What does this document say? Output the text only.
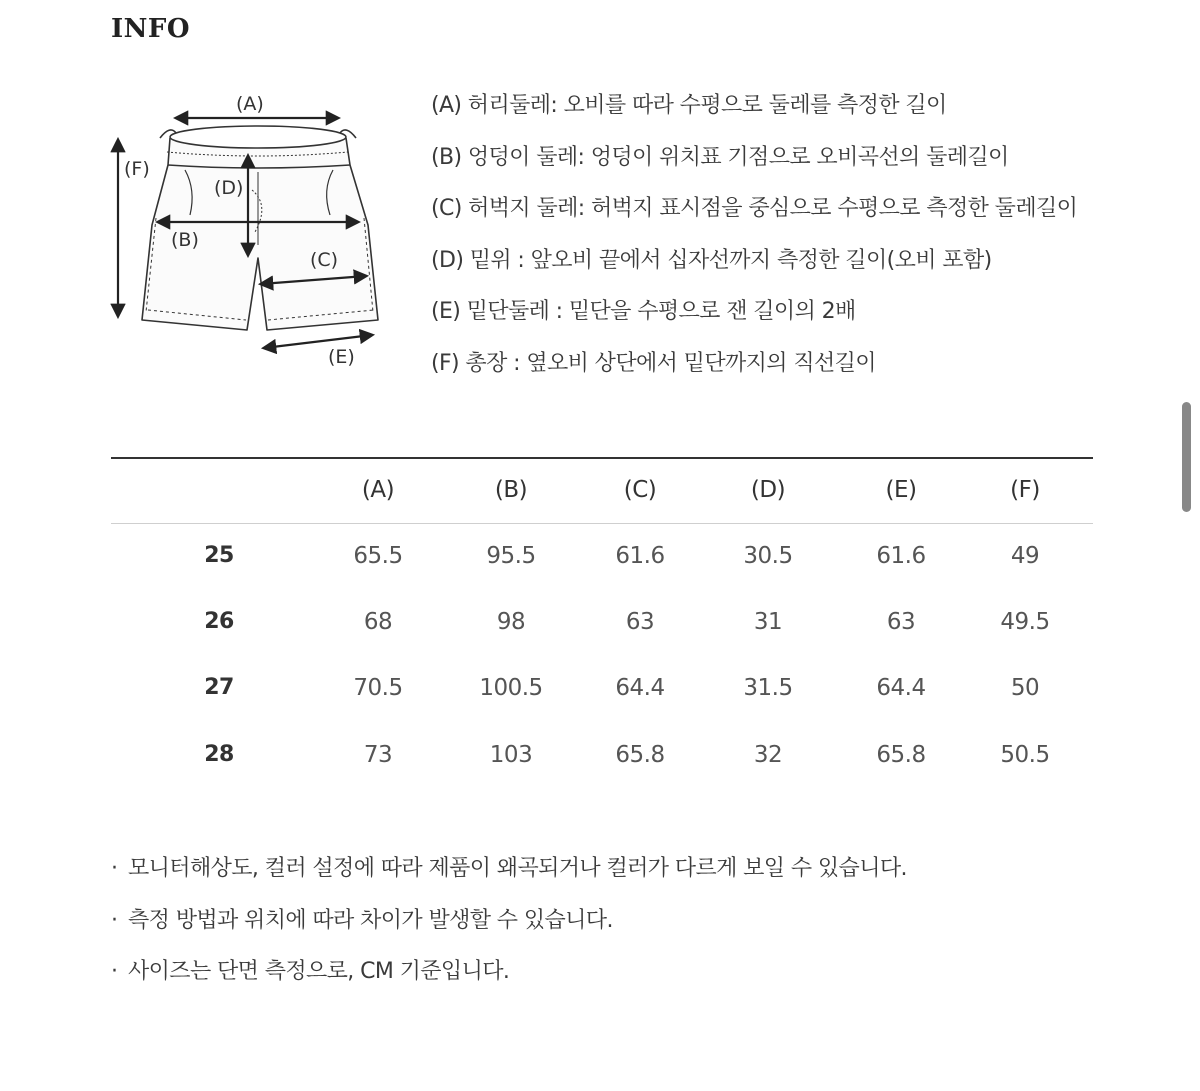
INFO
(A)
(B)
(C)
(D)
(E)
(F)
(A) 허리둘레: 오비를 따라 수평으로 둘레를 측정한 길이
(B) 엉덩이 둘레: 엉덩이 위치표 기점으로 오비곡선의 둘레길이
(C) 허벅지 둘레: 허벅지 표시점을 중심으로 수평으로 측정한 둘레길이
(D) 밑위 : 앞오비 끝에서 십자선까지 측정한 길이(오비 포함)
(E) 밑단둘레 : 밑단을 수평으로 잰 길이의 2배
(F) 총장 : 옆오비 상단에서 밑단까지의 직선길이
(A)	(B)	(C)	(D)	(E)	(F)
25	65.5	95.5	61.6	30.5	61.6	49
26	68	98	63	31	63	49.5
27	70.5	100.5	64.4	31.5	64.4	50
28	73	103	65.8	32	65.8	50.5
· 모니터해상도, 컬러 설정에 따라 제품이 왜곡되거나 컬러가 다르게 보일 수 있습니다.
· 측정 방법과 위치에 따라 차이가 발생할 수 있습니다.
· 사이즈는 단면 측정으로, CM 기준입니다.
